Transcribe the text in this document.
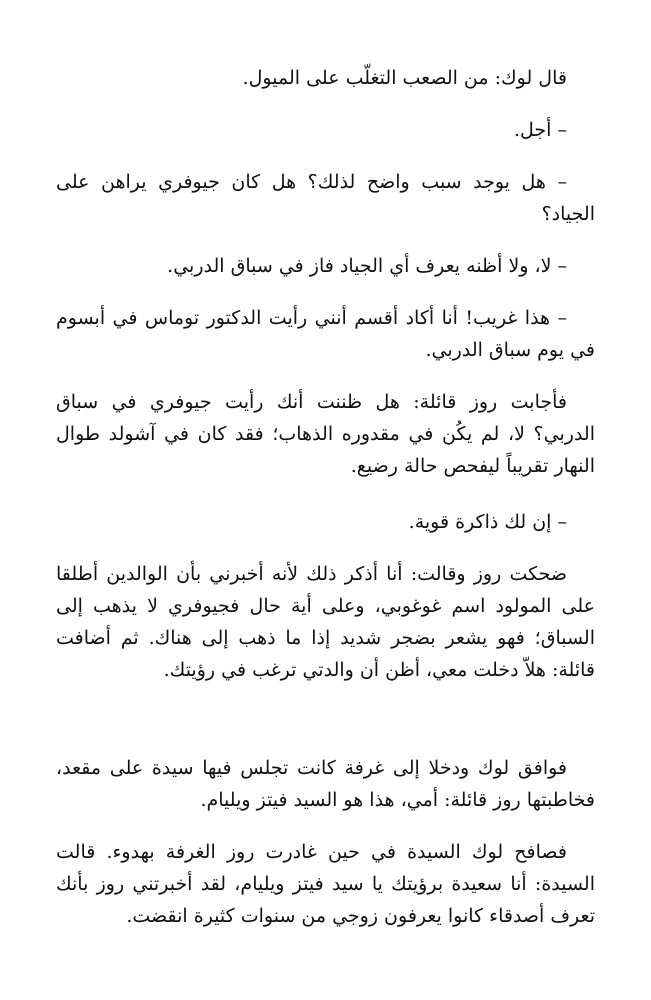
قال لوك: من الصعب التغلّب على الميول.

– أجل.

– هل يوجد سبب واضح لذلك؟ هل كان جيوفري يراهن على الجياد؟

– لا، ولا أظنه يعرف أي الجياد فاز في سباق الدربي.

– هذا غريب! أنا أكاد أقسم أنني رأيت الدكتور توماس في أبسوم في يوم سباق الدربي.

فأجابت روز قائلة: هل ظننت أنك رأيت جيوفري في سباق الدربي؟ لا، لم يكُن في مقدوره الذهاب؛ فقد كان في آشولد طوال النهار تقريباً ليفحص حالة رضيع.

– إن لك ذاكرة قوية.

ضحكت روز وقالت: أنا أذكر ذلك لأنه أخبرني بأن الوالدين أطلقا على المولود اسم غوغوبي، وعلى أية حال فجيوفري لا يذهب إلى السباق؛ فهو يشعر بضجر شديد إذا ما ذهب إلى هناك. ثم أضافت قائلة: هلاّ دخلت معي، أظن أن والدتي ترغب في رؤيتك.

فوافق لوك ودخلا إلى غرفة كانت تجلس فيها سيدة على مقعد، فخاطبتها روز قائلة: أمي، هذا هو السيد فيتز ويليام.

فصافح لوك السيدة في حين غادرت روز الغرفة بهدوء. قالت السيدة: أنا سعيدة برؤيتك يا سيد فيتز ويليام، لقد أخبرتني روز بأنك تعرف أصدقاء كانوا يعرفون زوجي من سنوات كثيرة انقضت.
